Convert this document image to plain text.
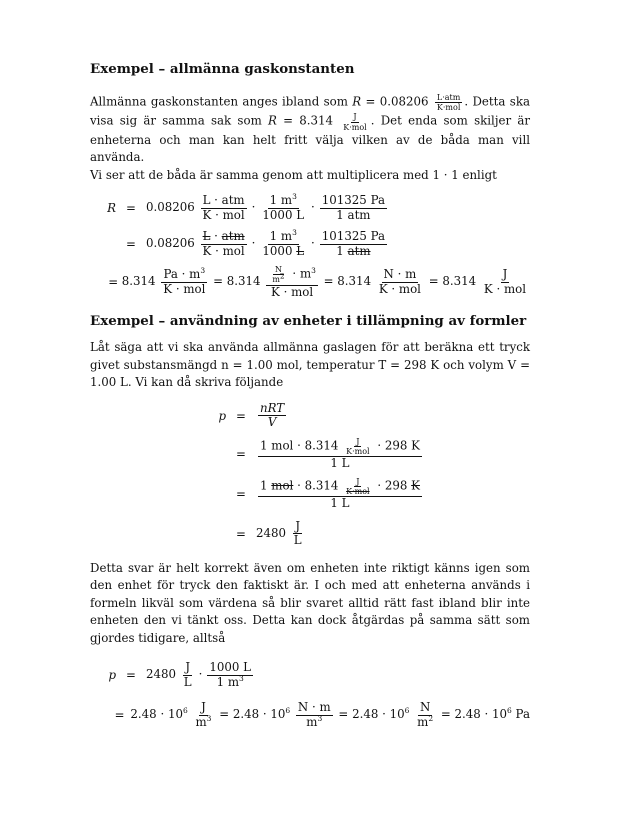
Exempel – allmänna gaskonstanten

Allmänna gaskonstanten anges ibland som $R = 0.08206 \frac{\text{L·atm}}{\text{K·mol}}$ . Detta ska visa sig är samma sak som $R = 8.314 \frac{J}{\text{K·mol}}$ . Det enda som skiljer är enheterna och man kan helt fritt välja vilken av de båda man vill använda.

Vi ser att de båda är samma genom att multiplicera med 1 · 1 enligt

$R = 0.08206 \frac{\text{L · atm}}{\text{K · mol}} \cdot \frac{1 m^3}{1000 L} \cdot \frac{101325 Pa}{\text{1 atm}}$
= $0.08206 \frac{\text{L · atm}}{\text{K · mol}} \cdot \frac{1 m^3}{1000 L} \cdot \frac{101325 Pa}{\text{1 atm}}$
= $8.314 \frac{Pa \cdot m^3}{\text{K · mol}} = 8.314 \frac{\frac{N}{m^2} \cdot m^3}{\text{K · mol}} = 8.314 \frac{N \cdot m}{\text{K · mol}} = 8.314 \frac{J}{\text{K · mol}}$

Exempel – användning av enheter i tillämpning av formler

Låt säga att vi ska använda allmänna gaslagen för att beräkna ett tryck givet substansmängd n = 1.00 mol, temperatur T = 298 K och volym V = 1.00 L. Vi kan då skriva följande

p =	$\frac{\text{nRT}}{V}$
=	$\frac{1 mol \cdot 8.314 \frac{J}{\text{K·mol}} \cdot 298 K}{1 L}$
=	$\frac{1 mol \cdot 8.314 \frac{J}{\text{K·mol}} \cdot 298 K}{1 L}$
= $2480 \frac{J}{L}$

Detta svar är helt korrekt även om enheten inte riktigt känns igen som den enhet för tryck den faktiskt är. I och med att enheterna används i formeln likväl som värdena så blir svaret alltid rätt fast ibland blir inte enheten den vi tänkt oss. Detta kan dock åtgärdas på samma sätt som gjordes tidigare, alltså

$p = 2480 \frac{J}{L} \cdot \frac{1000 L}{1 m^3}$
= $2.48 \cdot 10^6 \frac{J}{m^3} = 2.48 \cdot 10^6 \frac{N \cdot m}{m^3} = 2.48 \cdot 10^6 \frac{N}{m^2} = 2.48 \cdot 10^6$ Pa
